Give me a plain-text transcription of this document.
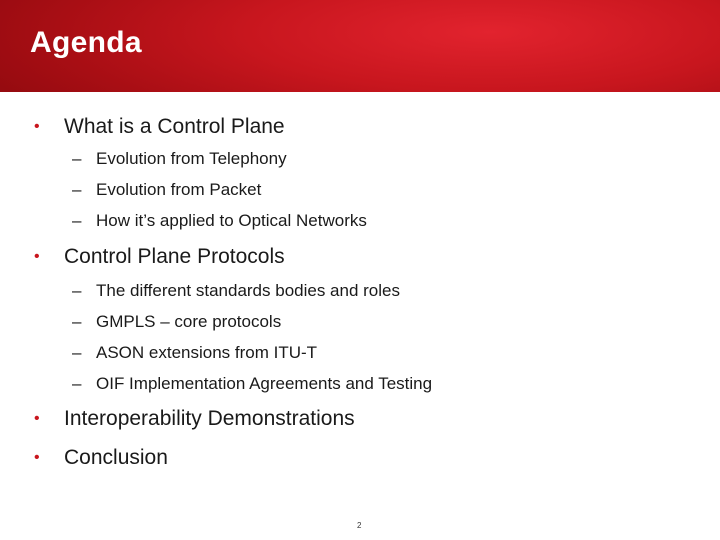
Agenda
• What is a Control Plane
– Evolution from Telephony
– Evolution from Packet
– How it’s applied to Optical Networks
• Control Plane Protocols
– The different standards bodies and roles
– GMPLS – core protocols
– ASON extensions from ITU-T
– OIF Implementation Agreements and Testing
• Interoperability Demonstrations
• Conclusion
2
